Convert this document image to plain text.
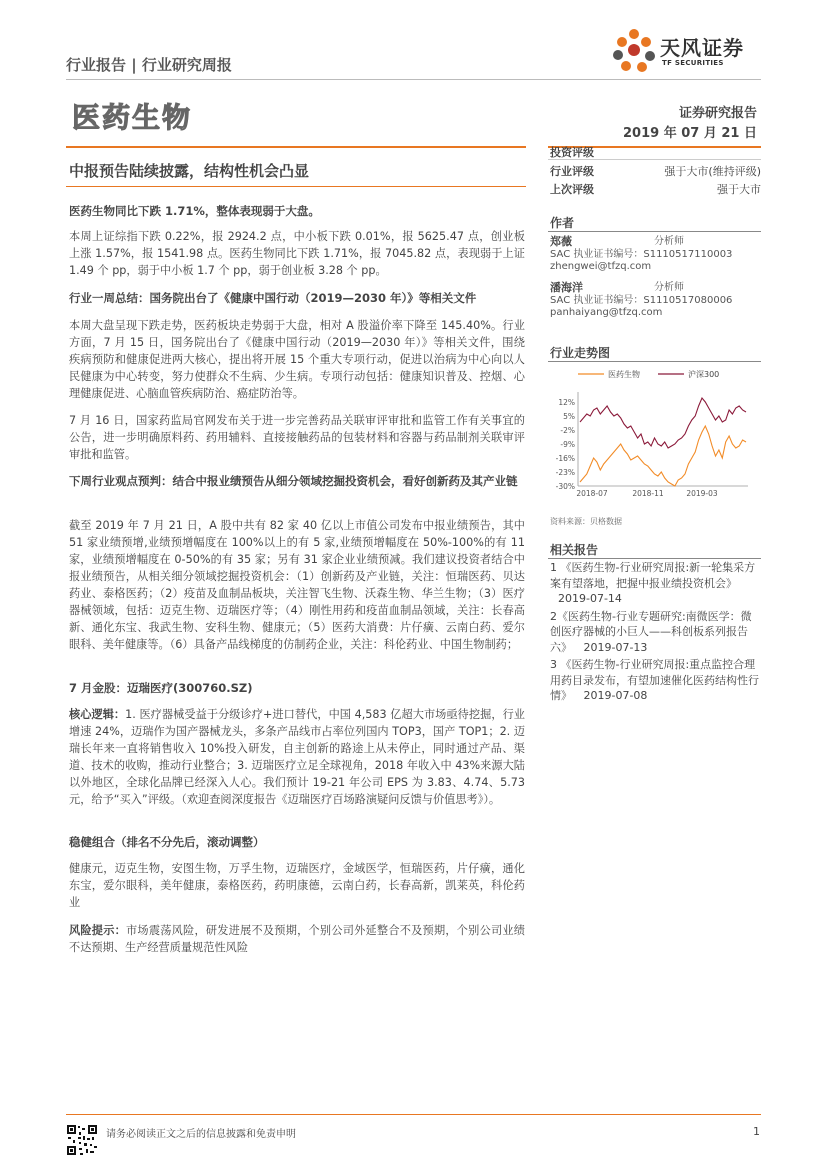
天风证券
TF SECURITIES
行业报告 | 行业研究周报
医药生物	证券研究报告
2019 年 07 月 21 日
中报预告陆续披露，结构性机会凸显
投资评级
行业评级	强于大市(维持评级)
上次评级	强于大市
作者
郑薇	分析师
SAC 执业证书编号：S1110517110003
zhengwei@tfzq.com
潘海洋	分析师
SAC 执业证书编号：S1110517080006
panhaiyang@tfzq.com
行业走势图
12%
5%
-2%
-9%
-16%
-23%
-30%
2018-07	2018-11	2019-03
医药生物	沪深300
资料来源：贝格数据
相关报告
1 《医药生物-行业研究周报:新一轮集采方案有望落地，把握中报业绩投资机会》 2019-07-14
2《医药生物-行业专题研究:南微医学：微创医疗器械的小巨人——科创板系列报告六》 2019-07-13
3 《医药生物-行业研究周报:重点监控合理用药目录发布，有望加速催化医药结构性行情》 2019-07-08
医药生物同比下跌 1.71%，整体表现弱于大盘。
本周上证综指下跌 0.22%，报 2924.2 点，中小板下跌 0.01%，报 5625.47 点，创业板上涨 1.57%，报 1541.98 点。医药生物同比下跌 1.71%，报 7045.82 点，表现弱于上证 1.49 个 pp，弱于中小板 1.7 个 pp，弱于创业板 3.28 个 pp。
行业一周总结：国务院出台了《健康中国行动（2019—2030 年）》等相关文件
本周大盘呈现下跌走势，医药板块走势弱于大盘，相对 A 股溢价率下降至 145.40%。行业方面，7 月 15 日，国务院出台了《健康中国行动（2019—2030 年）》等相关文件，围绕疾病预防和健康促进两大核心，提出将开展 15 个重大专项行动，促进以治病为中心向以人民健康为中心转变，努力使群众不生病、少生病。专项行动包括：健康知识普及、控烟、心理健康促进、心脑血管疾病防治、癌症防治等。
7 月 16 日，国家药监局官网发布关于进一步完善药品关联审评审批和监管工作有关事宜的公告，进一步明确原料药、药用辅料、直接接触药品的包装材料和容器与药品制剂关联审评审批和监管。
下周行业观点预判：结合中报业绩预告从细分领域挖掘投资机会，看好创新药及其产业链
截至 2019 年 7 月 21 日，A 股中共有 82 家 40 亿以上市值公司发布中报业绩预告，其中 51 家业绩预增,业绩预增幅度在 100%以上的有 5 家,业绩预增幅度在 50%-100%的有 11 家，业绩预增幅度在 0-50%的有 35 家；另有 31 家企业业绩预减。我们建议投资者结合中报业绩预告，从相关细分领域挖掘投资机会：（1）创新药及产业链，关注：恒瑞医药、贝达药业、泰格医药；（2）疫苗及血制品板块，关注智飞生物、沃森生物、华兰生物；（3）医疗器械领域，包括：迈克生物、迈瑞医疗等；（4）刚性用药和疫苗血制品领域，关注：长春高新、通化东宝、我武生物、安科生物、健康元；（5）医药大消费：片仔癀、云南白药、爱尔眼科、美年健康等。（6）具备产品线梯度的仿制药企业，关注：科伦药业、中国生物制药；
7 月金股：迈瑞医疗(300760.SZ)
核心逻辑：1. 医疗器械受益于分级诊疗+进口替代，中国 4,583 亿超大市场亟待挖掘，行业增速 24%，迈瑞作为国产器械龙头，多条产品线市占率位列国内 TOP3，国产 TOP1；2. 迈瑞长年来一直将销售收入 10%投入研发，自主创新的路途上从未停止，同时通过产品、渠道、技术的收购，推动行业整合；3. 迈瑞医疗立足全球视角，2018 年收入中 43%来源大陆以外地区，全球化品牌已经深入人心。我们预计 19-21 年公司 EPS 为 3.83、4.74、5.73 元，给予“买入”评级。（欢迎查阅深度报告《迈瑞医疗百场路演疑问反馈与价值思考》）。
稳健组合（排名不分先后，滚动调整）
健康元，迈克生物，安图生物，万孚生物，迈瑞医疗，金域医学，恒瑞医药，片仔癀，通化东宝，爱尔眼科，美年健康，泰格医药，药明康德，云南白药，长春高新，凯莱英，科伦药业
风险提示：市场震荡风险，研发进展不及预期，个别公司外延整合不及预期，个别公司业绩不达预期、生产经营质量规范性风险
请务必阅读正文之后的信息披露和免责申明	1
